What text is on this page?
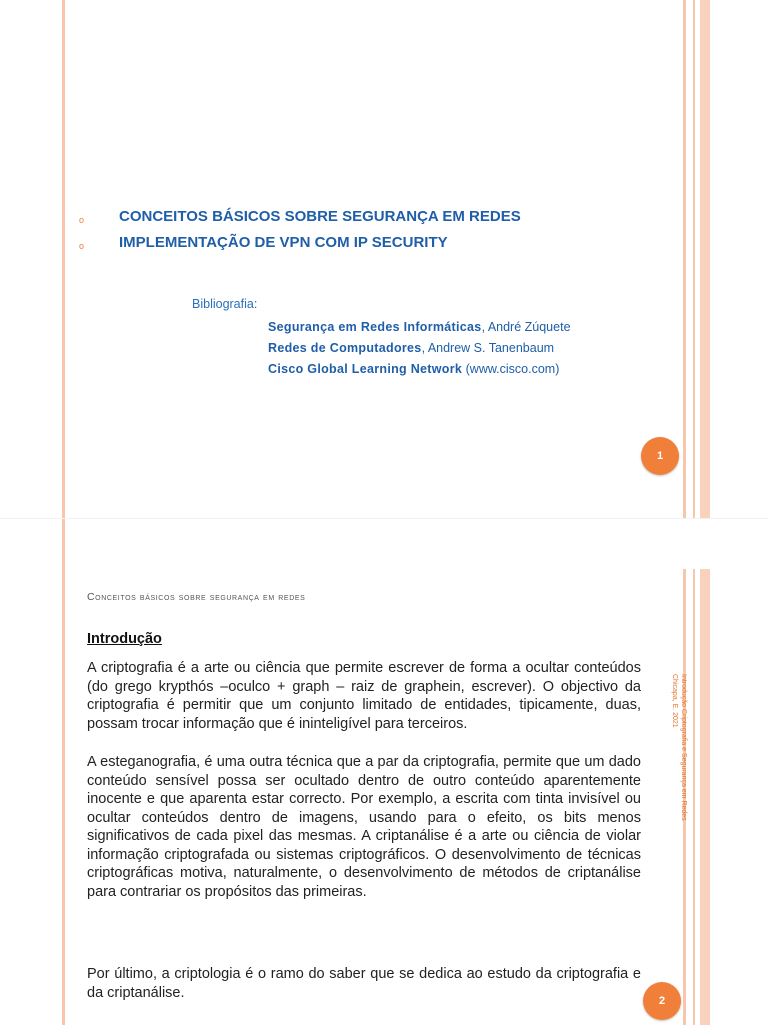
o CONCEITOS BÁSICOS SOBRE SEGURANÇA EM REDES
o IMPLEMENTAÇÃO DE VPN COM IP SECURITY
Bibliografia:
Segurança em Redes Informáticas, André Zúquete
Redes de Computadores, Andrew S. Tanenbaum
Cisco Global Learning Network (www.cisco.com)
1
Conceitos básicos sobre segurança em redes
Introdução

A criptografia é a arte ou ciência que permite escrever de forma a ocultar conteúdos (do grego krypthós –oculco + graph – raiz de graphein, escrever). O objectivo da criptografia é permitir que um conjunto limitado de entidades, tipicamente, duas, possam trocar informação que é ininteligível para terceiros.

A esteganografia, é uma outra técnica que a par da criptografia, permite que um dado conteúdo sensível possa ser ocultado dentro de outro conteúdo aparentemente inocente e que aparenta estar correcto. Por exemplo, a escrita com tinta invisível ou ocultar conteúdos dentro de imagens, usando para o efeito, os bits menos significativos de cada pixel das mesmas. A criptanálise é a arte ou ciência de violar informação criptografada ou sistemas criptográficos. O desenvolvimento de técnicas criptográficas motiva, naturalmente, o desenvolvimento de métodos de criptanálise para contrariar os propósitos das primeiras.

Por último, a criptologia é o ramo do saber que se dedica ao estudo da criptografia e da criptanálise.

Introdução Criptografia e Segurança em Redes Chicapa, E. 2021
2
